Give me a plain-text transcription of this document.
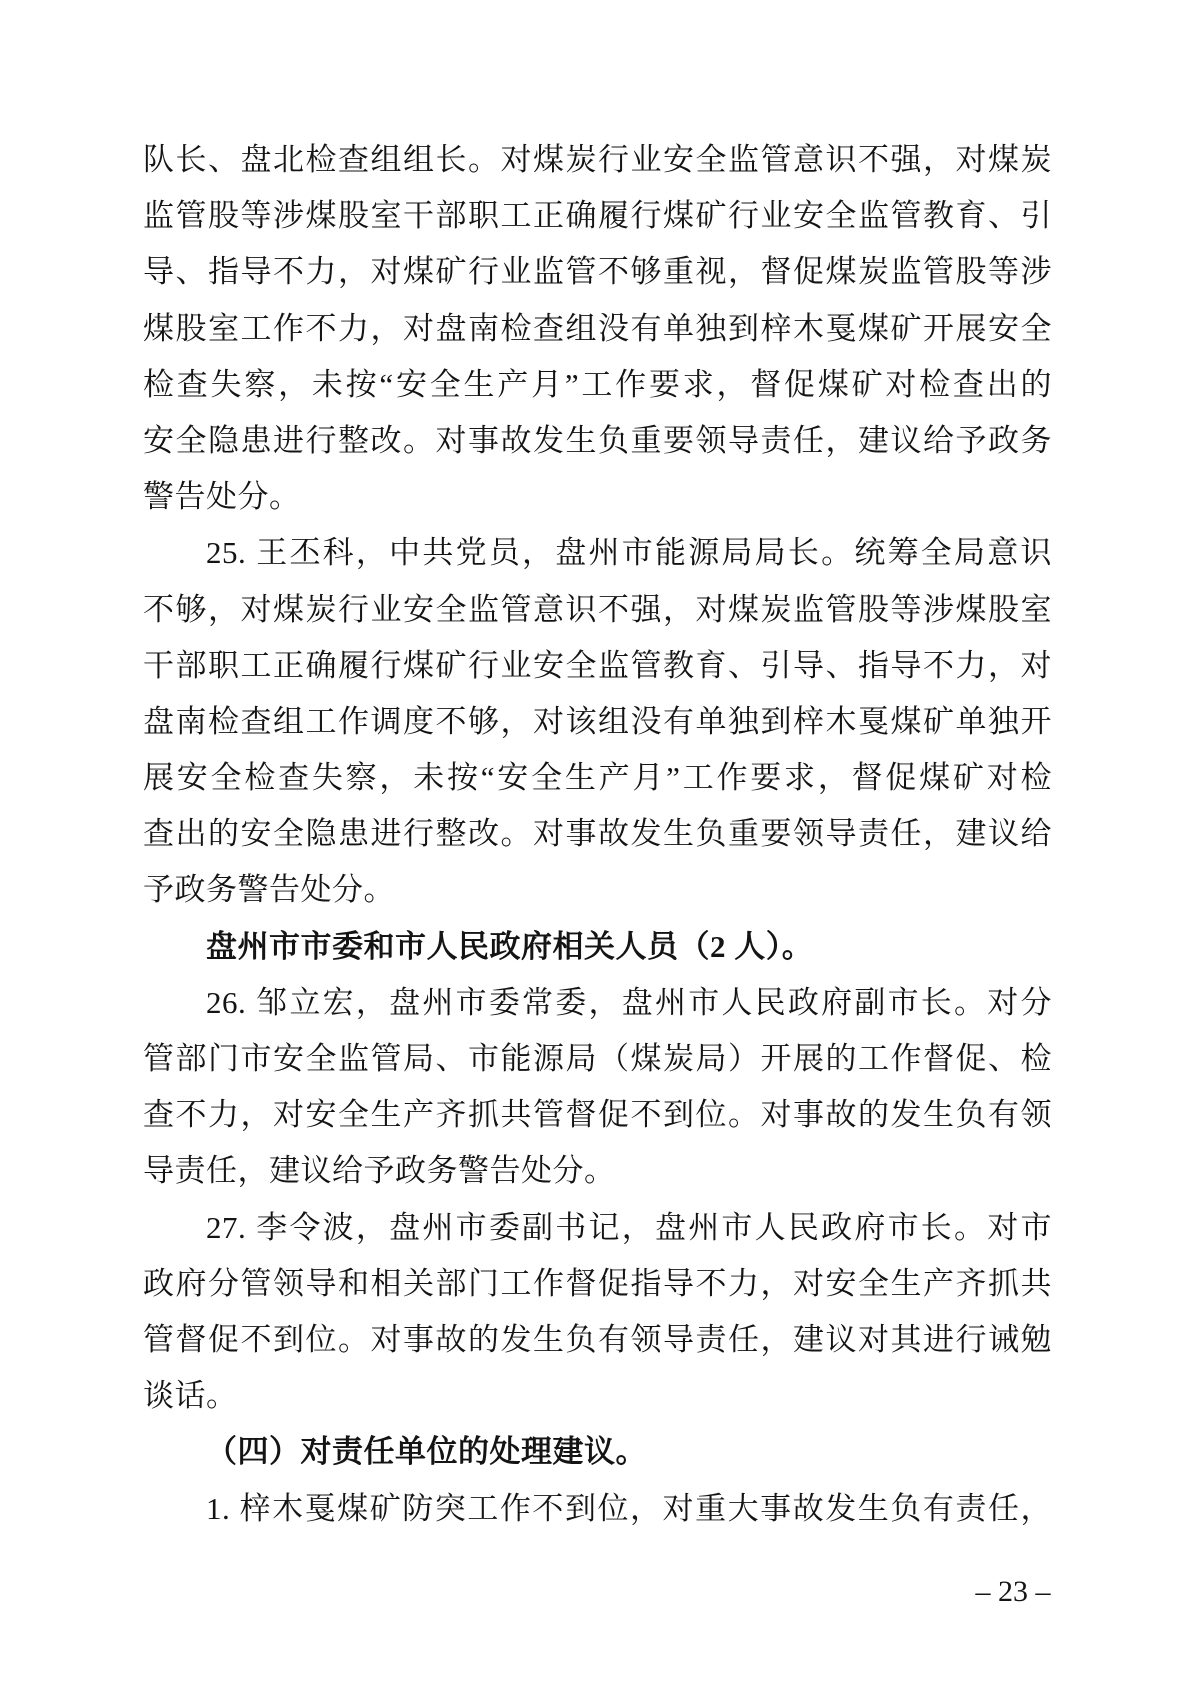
队长、盘北检查组组长。对煤炭行业安全监管意识不强，对煤炭
监管股等涉煤股室干部职工正确履行煤矿行业安全监管教育、引
导、指导不力，对煤矿行业监管不够重视，督促煤炭监管股等涉
煤股室工作不力，对盘南检查组没有单独到梓木戛煤矿开展安全
检查失察，未按“安全生产月”工作要求，督促煤矿对检查出的
安全隐患进行整改。对事故发生负重要领导责任，建议给予政务
警告处分。
25. 王丕科，中共党员，盘州市能源局局长。统筹全局意识
不够，对煤炭行业安全监管意识不强，对煤炭监管股等涉煤股室
干部职工正确履行煤矿行业安全监管教育、引导、指导不力，对
盘南检查组工作调度不够，对该组没有单独到梓木戛煤矿单独开
展安全检查失察，未按“安全生产月”工作要求，督促煤矿对检
查出的安全隐患进行整改。对事故发生负重要领导责任，建议给
予政务警告处分。
盘州市市委和市人民政府相关人员（2 人）。
26. 邹立宏，盘州市委常委，盘州市人民政府副市长。对分
管部门市安全监管局、市能源局（煤炭局）开展的工作督促、检
查不力，对安全生产齐抓共管督促不到位。对事故的发生负有领
导责任，建议给予政务警告处分。
27. 李令波，盘州市委副书记，盘州市人民政府市长。对市
政府分管领导和相关部门工作督促指导不力，对安全生产齐抓共
管督促不到位。对事故的发生负有领导责任，建议对其进行诫勉
谈话。
（四）对责任单位的处理建议。
1. 梓木戛煤矿防突工作不到位，对重大事故发生负有责任，
– 23 –
